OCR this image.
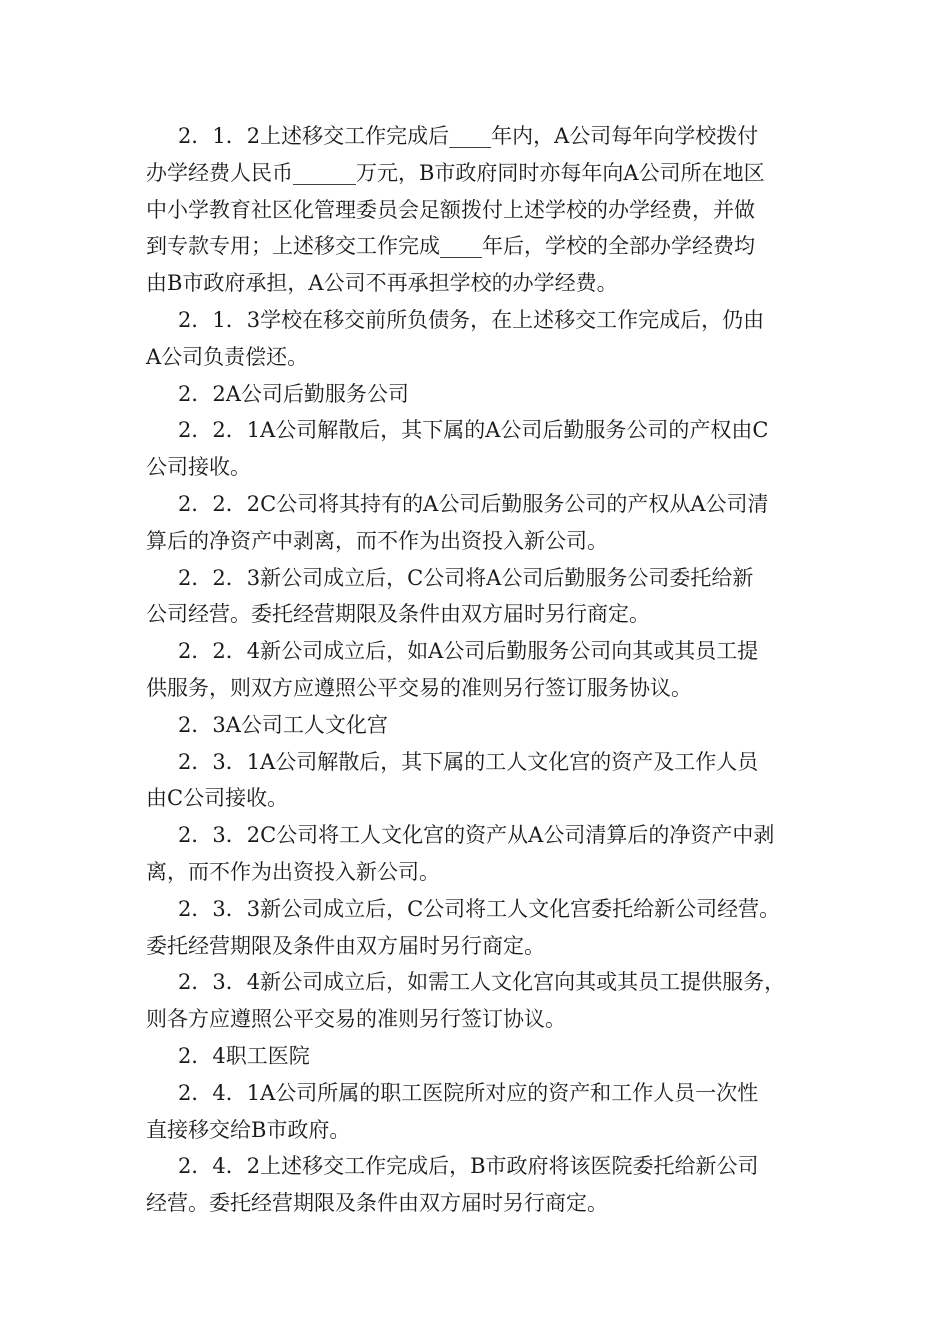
2．1．2上述移交工作完成后____年内，A公司每年向学校拨付
办学经费人民币______万元，B市政府同时亦每年向A公司所在地区
中小学教育社区化管理委员会足额拨付上述学校的办学经费，并做
到专款专用；上述移交工作完成____年后，学校的全部办学经费均
由B市政府承担，A公司不再承担学校的办学经费。

2．1．3学校在移交前所负债务，在上述移交工作完成后，仍由
A公司负责偿还。

2．2A公司后勤服务公司

2．2．1A公司解散后，其下属的A公司后勤服务公司的产权由C
公司接收。

2．2．2C公司将其持有的A公司后勤服务公司的产权从A公司清
算后的净资产中剥离，而不作为出资投入新公司。

2．2．3新公司成立后，C公司将A公司后勤服务公司委托给新
公司经营。委托经营期限及条件由双方届时另行商定。

2．2．4新公司成立后，如A公司后勤服务公司向其或其员工提
供服务，则双方应遵照公平交易的准则另行签订服务协议。

2．3A公司工人文化宫

2．3．1A公司解散后，其下属的工人文化宫的资产及工作人员
由C公司接收。

2．3．2C公司将工人文化宫的资产从A公司清算后的净资产中剥
离，而不作为出资投入新公司。

2．3．3新公司成立后，C公司将工人文化宫委托给新公司经营。
委托经营期限及条件由双方届时另行商定。

2．3．4新公司成立后，如需工人文化宫向其或其员工提供服务，
则各方应遵照公平交易的准则另行签订协议。

2．4职工医院

2．4．1A公司所属的职工医院所对应的资产和工作人员一次性
直接移交给B市政府。

2．4．2上述移交工作完成后，B市政府将该医院委托给新公司
经营。委托经营期限及条件由双方届时另行商定。
